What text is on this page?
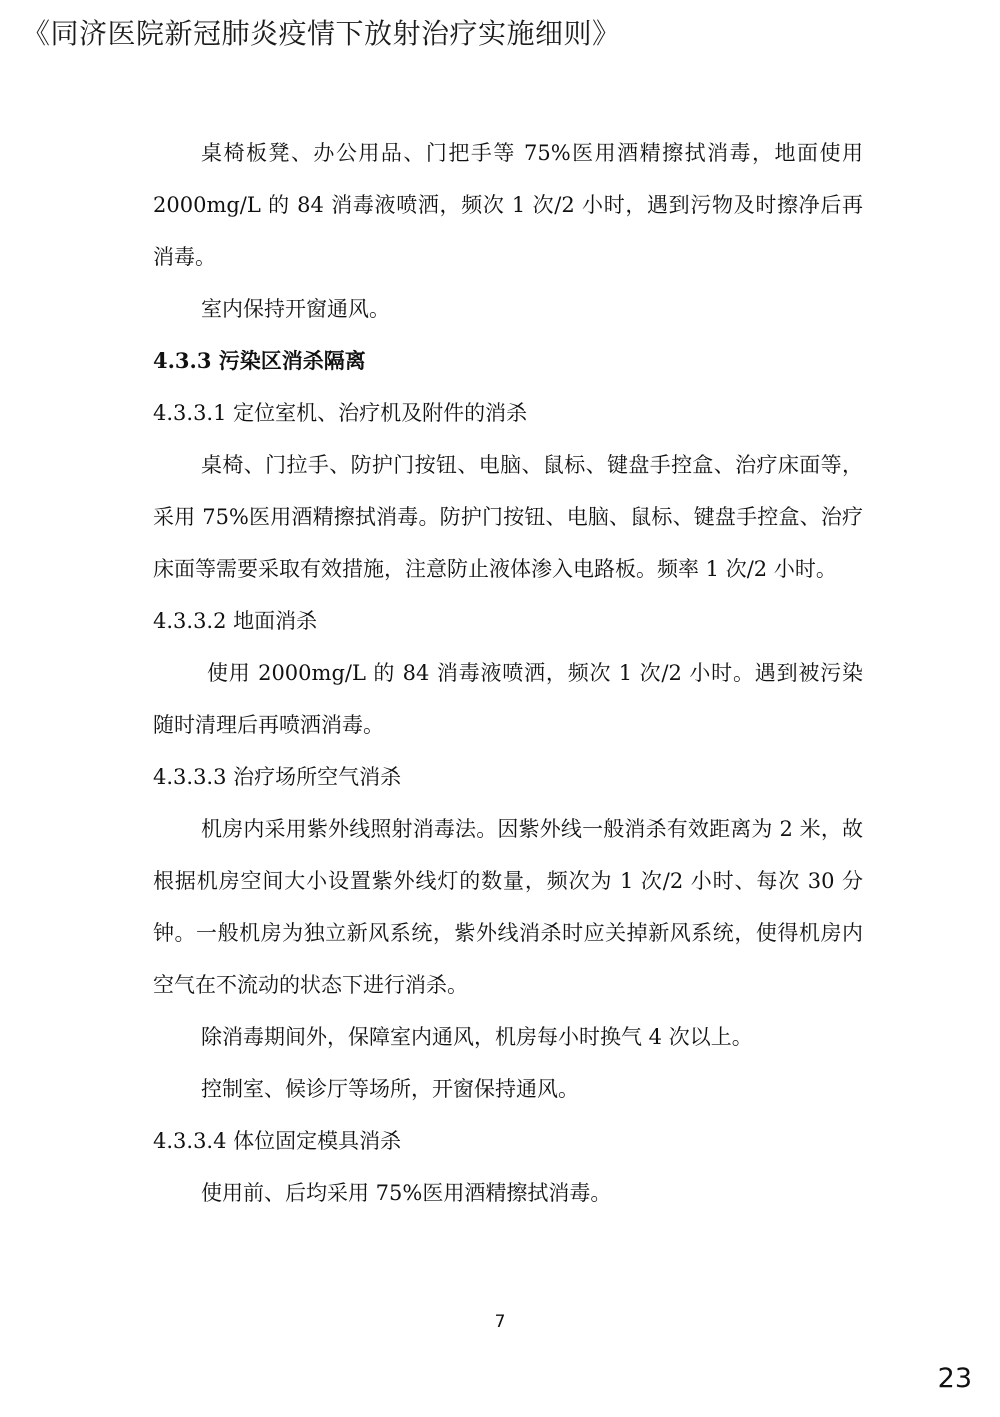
《同济医院新冠肺炎疫情下放射治疗实施细则》

桌椅板凳、办公用品、门把手等 75%医用酒精擦拭消毒，地面使用 2000mg/L 的 84 消毒液喷洒，频次 1 次/2 小时，遇到污物及时擦净后再消毒。

室内保持开窗通风。

4.3.3 污染区消杀隔离

4.3.3.1 定位室机、治疗机及附件的消杀

桌椅、门拉手、防护门按钮、电脑、鼠标、键盘手控盒、治疗床面等，采用 75%医用酒精擦拭消毒。防护门按钮、电脑、鼠标、键盘手控盒、治疗床面等需要采取有效措施，注意防止液体渗入电路板。频率 1 次/2 小时。

4.3.3.2 地面消杀

使用 2000mg/L 的 84 消毒液喷洒，频次 1 次/2 小时。遇到被污染随时清理后再喷洒消毒。

4.3.3.3 治疗场所空气消杀

机房内采用紫外线照射消毒法。因紫外线一般消杀有效距离为 2 米，故根据机房空间大小设置紫外线灯的数量，频次为 1 次/2 小时、每次 30 分钟。一般机房为独立新风系统，紫外线消杀时应关掉新风系统，使得机房内空气在不流动的状态下进行消杀。

除消毒期间外，保障室内通风，机房每小时换气 4 次以上。

控制室、候诊厅等场所，开窗保持通风。

4.3.3.4 体位固定模具消杀

使用前、后均采用 75%医用酒精擦拭消毒。

7
23
